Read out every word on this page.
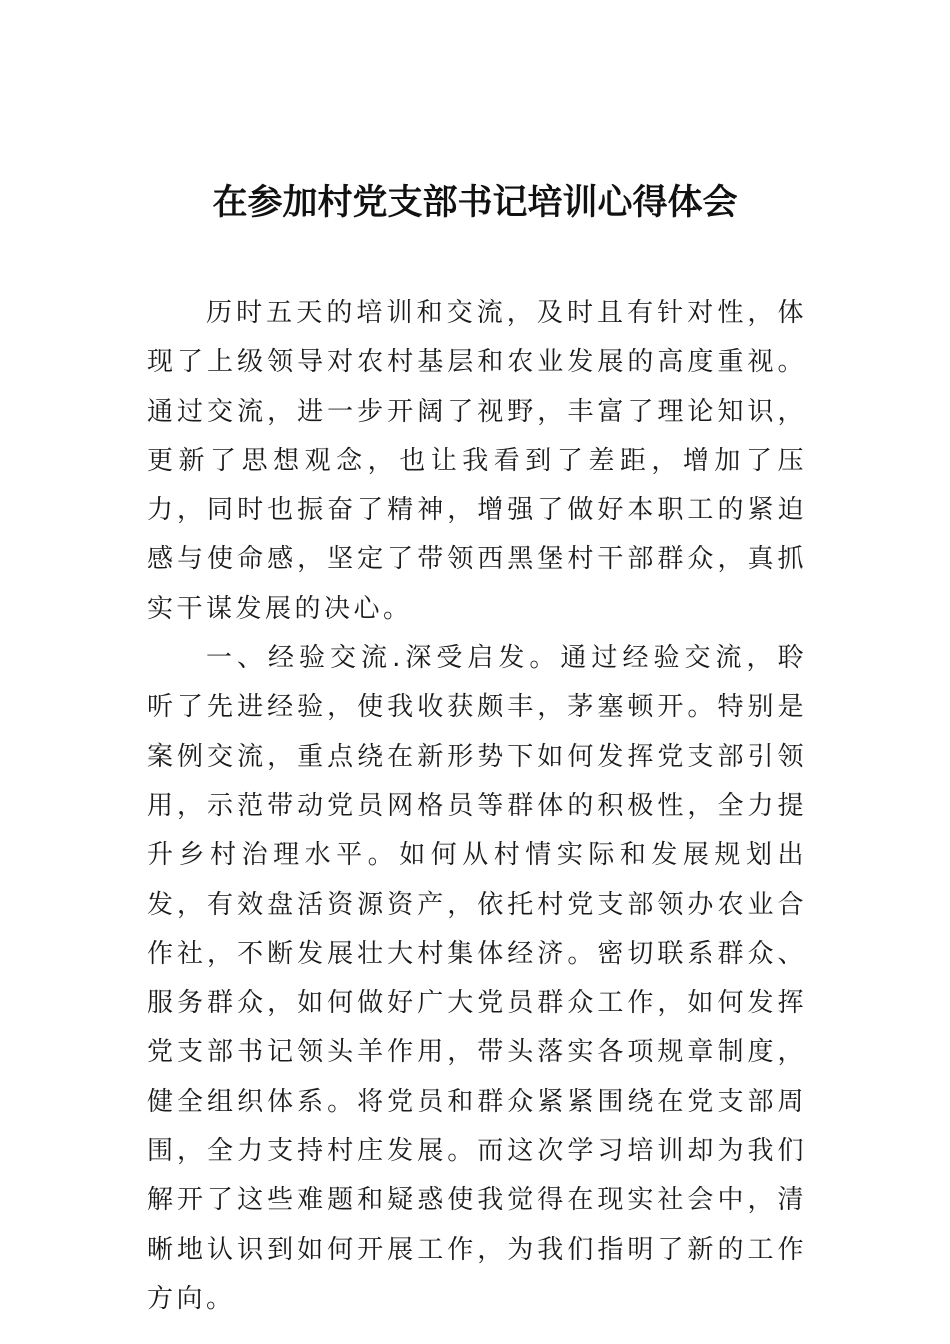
在参加村党支部书记培训心得体会

历时五天的培训和交流，及时且有针对性，体现了上级领导对农村基层和农业发展的高度重视。通过交流，进一步开阔了视野，丰富了理论知识，更新了思想观念，也让我看到了差距，增加了压力，同时也振奋了精神，增强了做好本职工的紧迫感与使命感，坚定了带领西黑堡村干部群众，真抓实干谋发展的决心。

一、经验交流.深受启发。通过经验交流，聆听了先进经验，使我收获颇丰，茅塞顿开。特别是案例交流，重点绕在新形势下如何发挥党支部引领用，示范带动党员网格员等群体的积极性，全力提升乡村治理水平。如何从村情实际和发展规划出发，有效盘活资源资产，依托村党支部领办农业合作社，不断发展壮大村集体经济。密切联系群众、服务群众，如何做好广大党员群众工作，如何发挥党支部书记领头羊作用，带头落实各项规章制度，健全组织体系。将党员和群众紧紧围绕在党支部周围，全力支持村庄发展。而这次学习培训却为我们解开了这些难题和疑惑使我觉得在现实社会中，清晰地认识到如何开展工作，为我们指明了新的工作方向。
